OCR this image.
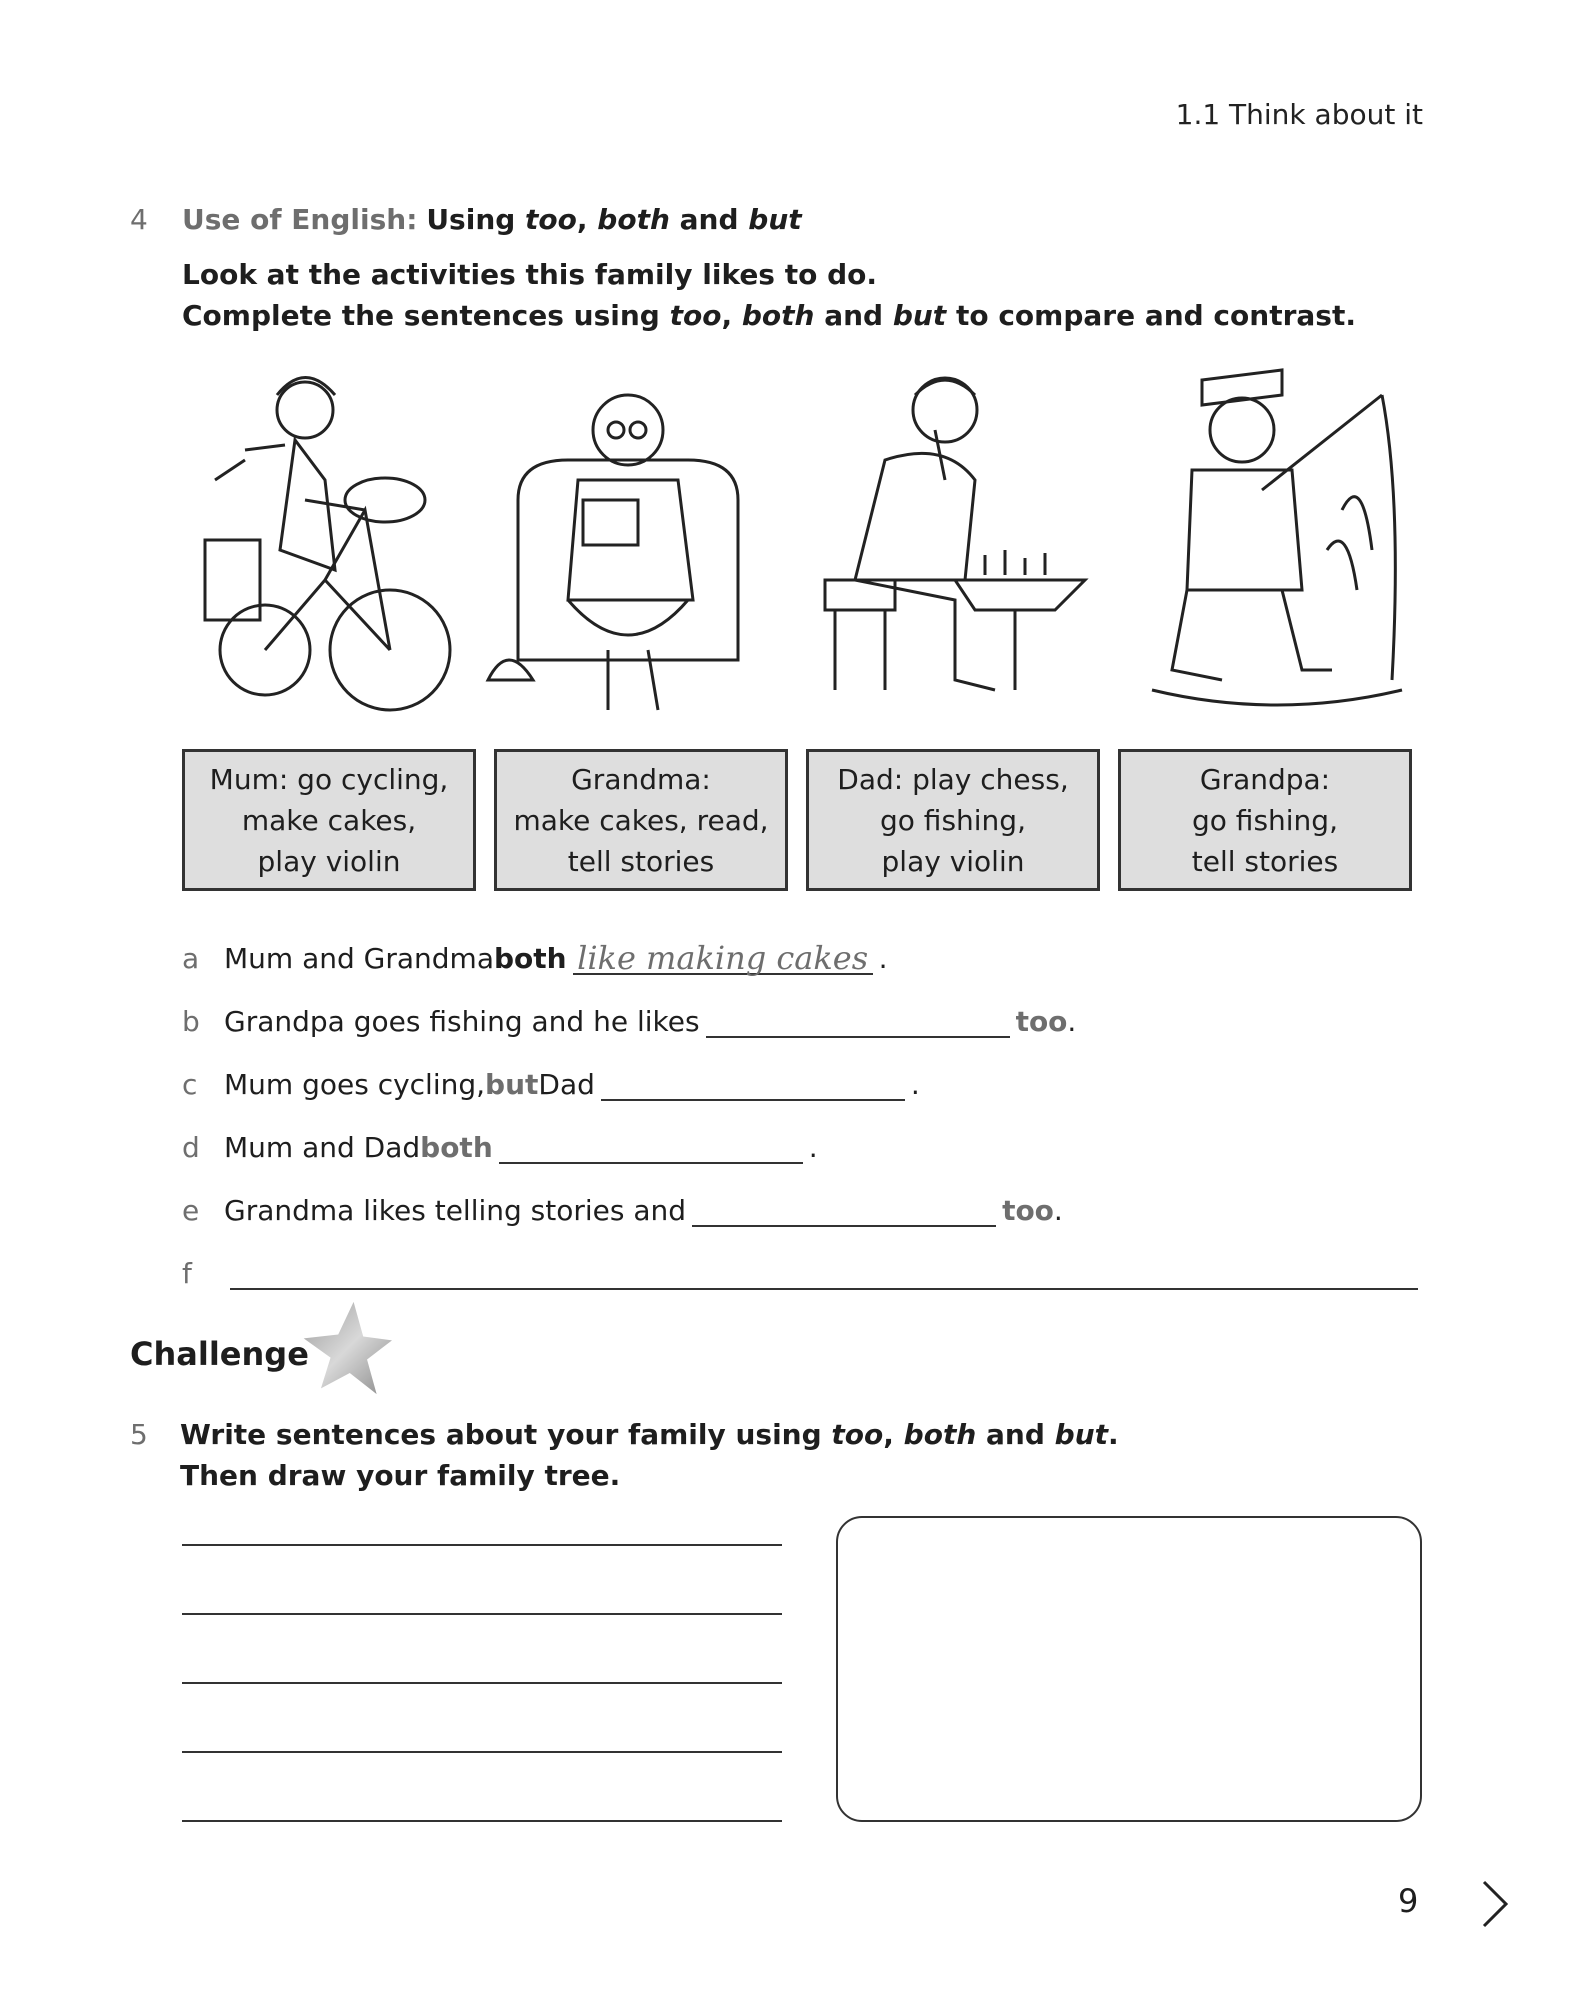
1.1 Think about it
4 Use of English: Using too, both and but
Look at the activities this family likes to do.
Complete the sentences using too, both and but to compare and contrast.
Mum: go cycling,
make cakes,
play violin
Grandma:
make cakes, read,
tell stories
Dad: play chess,
go fishing,
play violin
Grandpa:
go fishing,
tell stories
a Mum and Grandma both like making cakes .
b Grandpa goes fishing and he likes	too .
c Mum goes cycling, but Dad	.
d Mum and Dad both	.
e Grandma likes telling stories and	too .
f
Challenge
5 Write sentences about your family using too, both and but.
Then draw your family tree.
9
